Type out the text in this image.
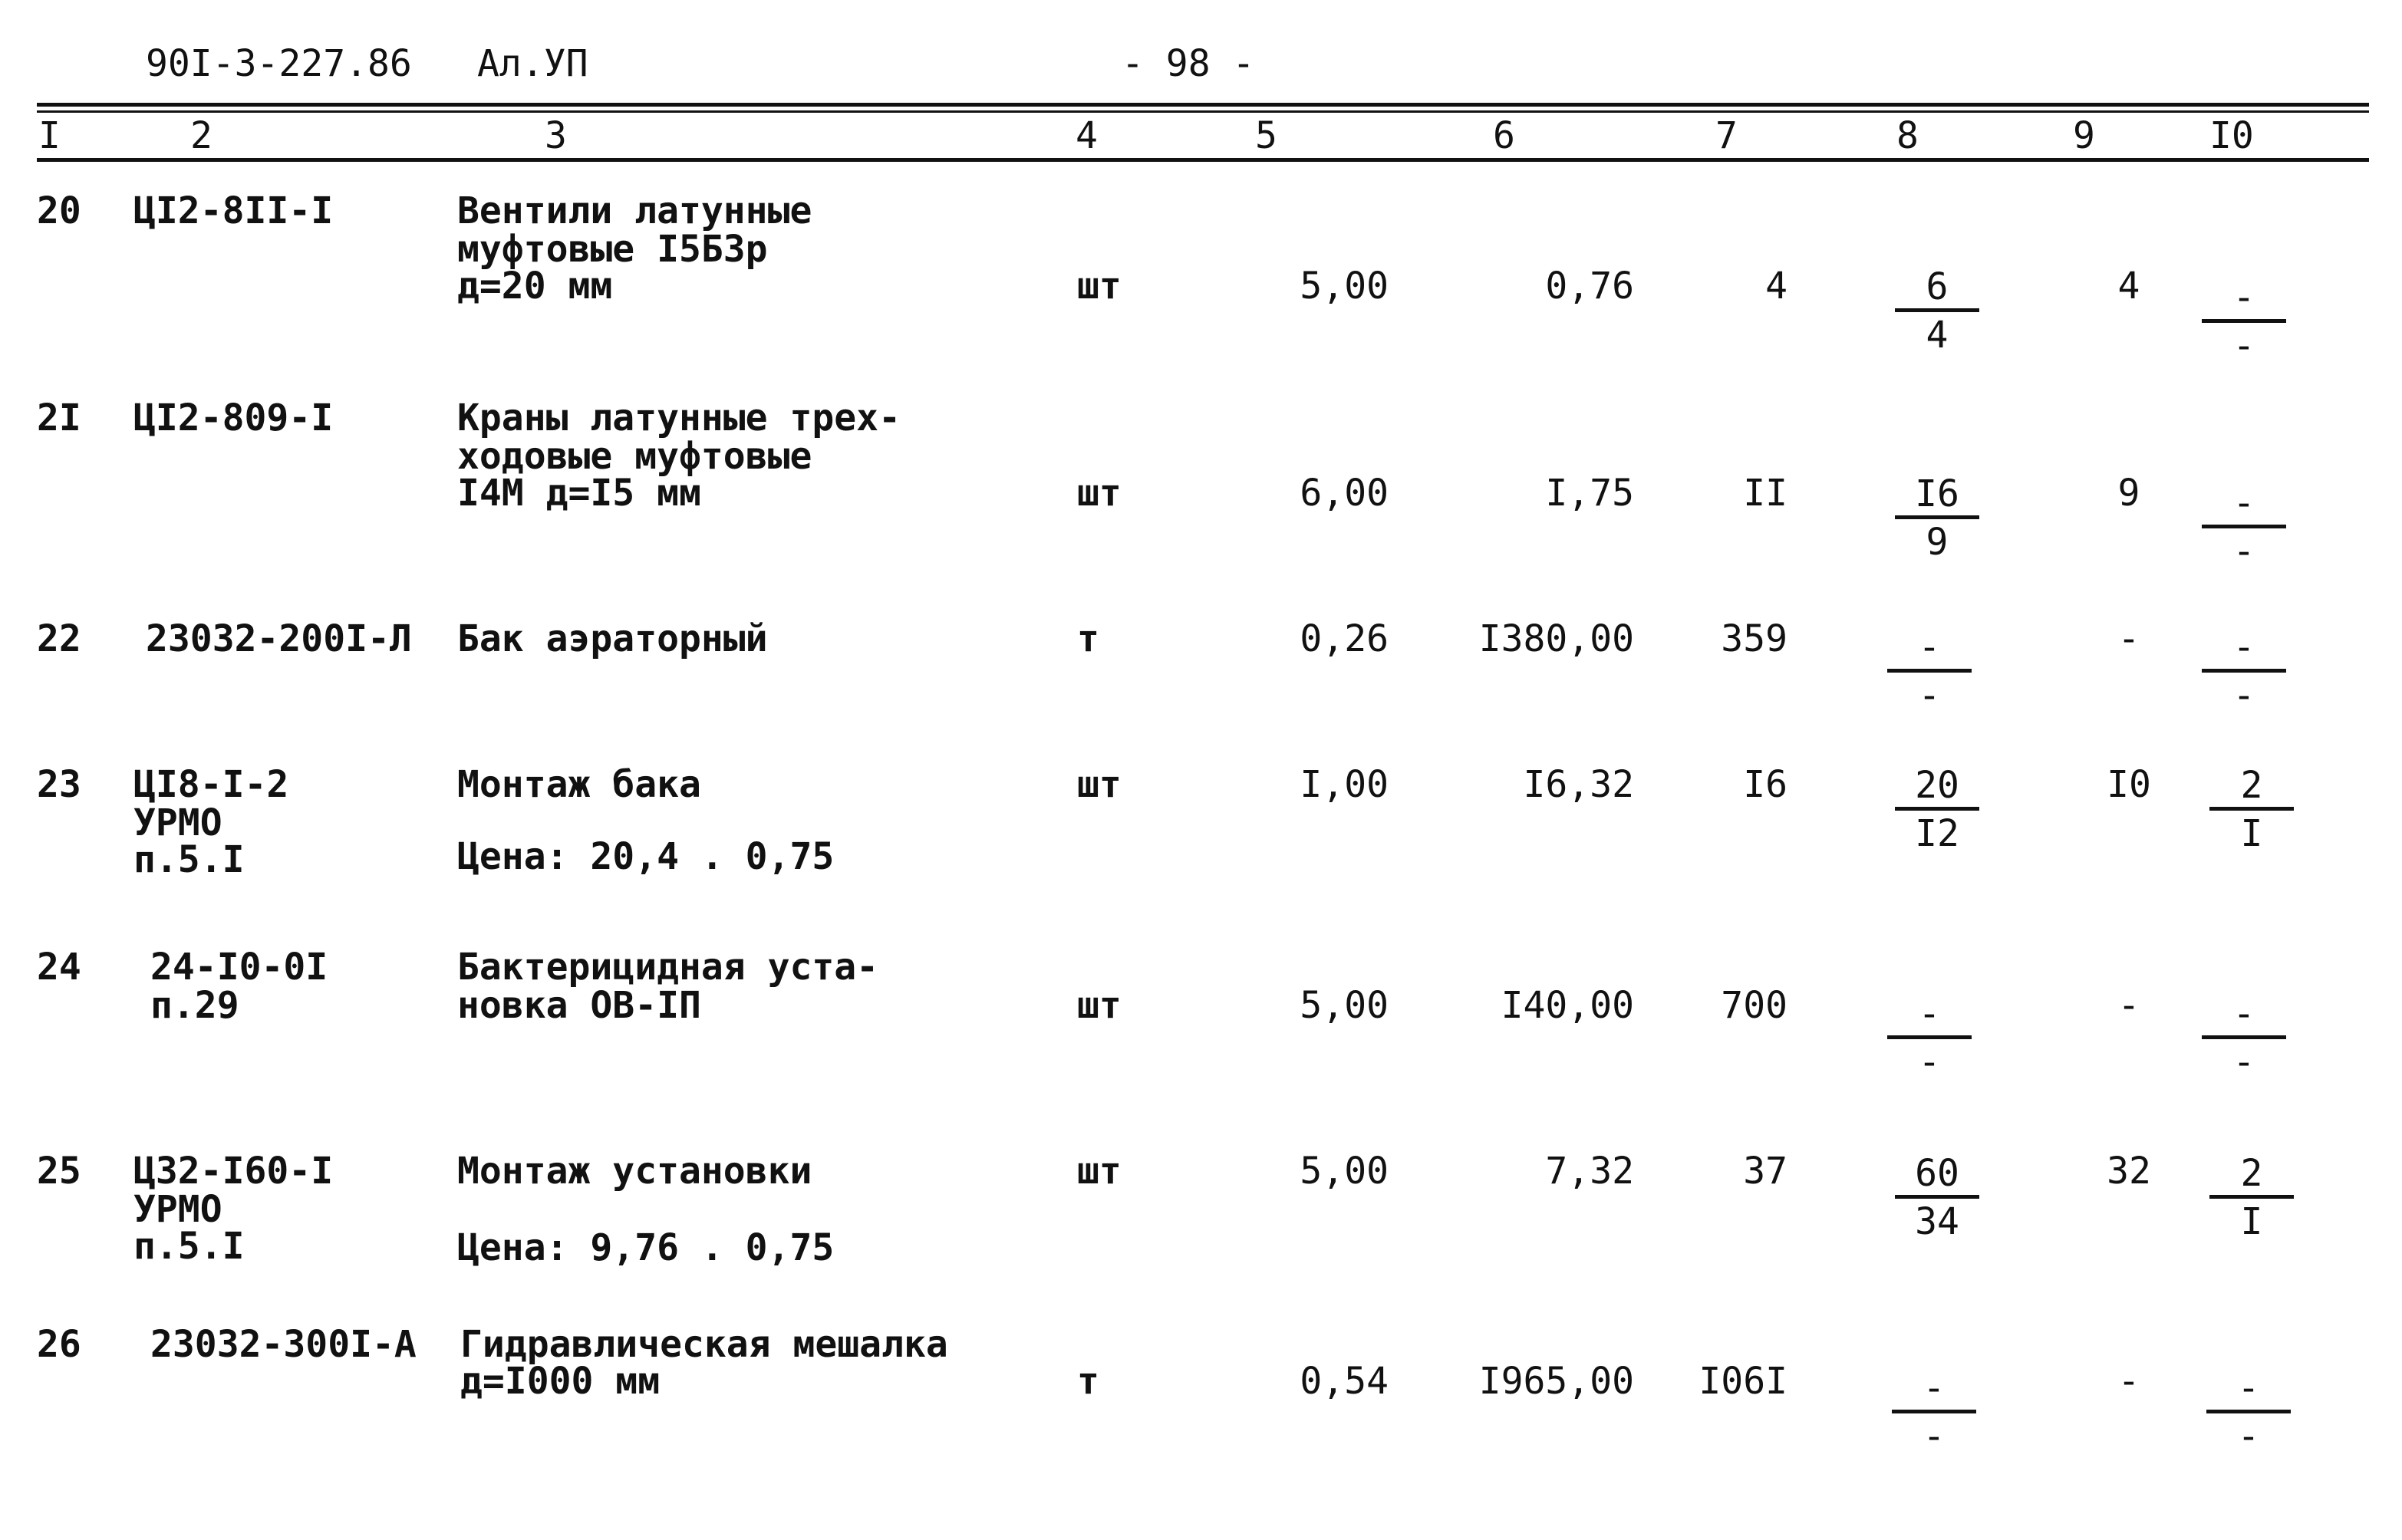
90I-3-227.86 Ал.УП	- 98 -
I	2	3	4	5	6	7	8	9	I0
20 ЦI2-8II-I	Вентили латунные
муфтовые I5Б3р
д=20 мм	шт	5,00	0,76	4	6
4
4	-
-
2I ЦI2-809-I	Краны латунные трех-
ходовые муфтовые
I4М д=I5 мм	шт	6,00	I,75	II	I6
9
9	-
-
22 23032-200I-Л Бак аэраторный	т	0,26	I380,00	359	-
-
-	-
-
23 ЦI8-I-2
УРМО
п.5.I
Монтаж бака
Цена: 20,4 . 0,75
шт	I,00	I6,32	I6	20
I2
I0	2
I
24 24-I0-0I
п.29
Бактерицидная уста-
новка ОВ-IП	шт	5,00	I40,00	700	-
-
-	-
-
25 Ц32-I60-I
УРМО
п.5.I
Монтаж установки
Цена: 9,76 . 0,75
шт	5,00	7,32	37	60
34
32	2
I
26 23032-300I-А Гидравлическая мешалка
д=I000 мм	т	0,54	I965,00	I06I	-
-
-	-
-
